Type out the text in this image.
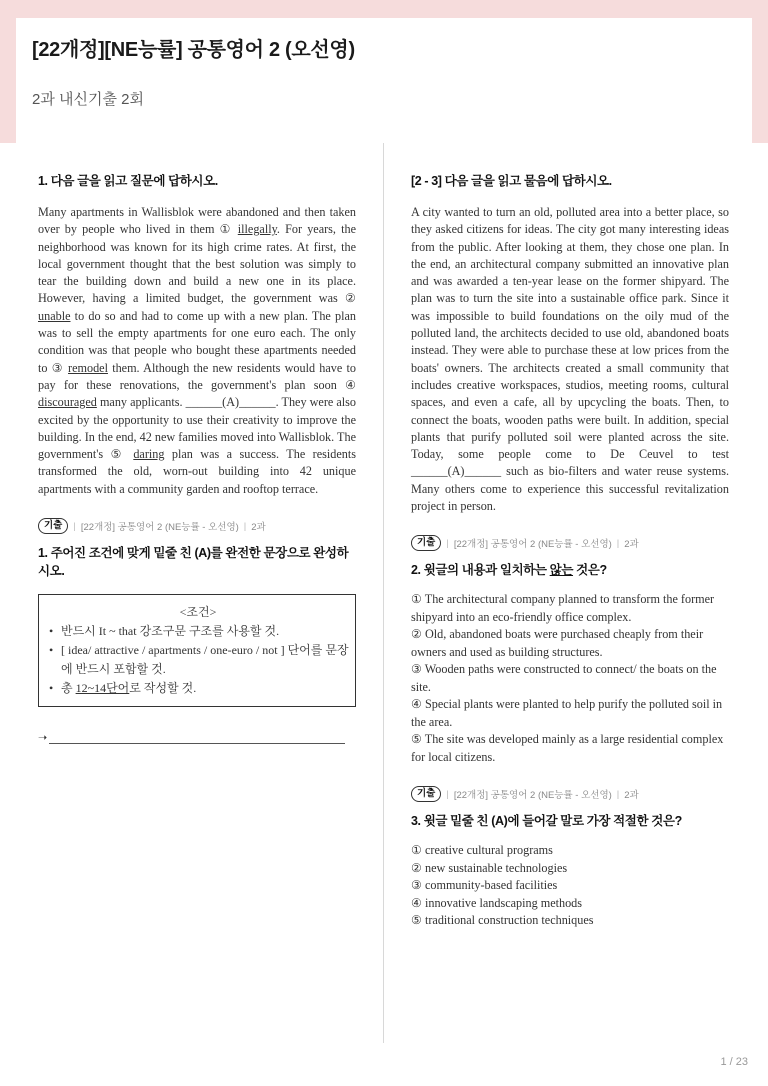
[22개정][NE능률] 공통영어 2 (오선영)
2과 내신기출 2회
1. 다음 글을 읽고 질문에 답하시오.
Many apartments in Wallisblok were abandoned and then taken over by people who lived in them ① illegally. For years, the neighborhood was known for its high crime rates. At first, the local government thought that the best solution was simply to tear the building down and build a new one in its place. However, having a limited budget, the government was ② unable to do so and had to come up with a new plan. The plan was to sell the empty apartments for one euro each. The only condition was that people who bought these apartments needed to ③ remodel them. Although the new residents would have to pay for these renovations, the government's plan soon ④ discouraged many applicants. ______(A)______. They were also excited by the opportunity to use their creativity to improve the building. In the end, 42 new families moved into Wallisblok. The government's ⑤ daring plan was a success. The residents transformed the old, worn-out building into 42 unique apartments with a community garden and rooftop terrace.
기출	| [22개정] 공통영어 2 (NE능률 - 오선영) | 2과
1. 주어진 조건에 맞게 밑줄 친 (A)를 완전한 문장으로 완성하시오.
<조건>
• 반드시 It ~ that 강조구문 구조를 사용할 것.
• [ idea/ attractive / apartments / one-euro / not ] 단어를 문장에 반드시 포함할 것.
• 총 12~14단어로 작성할 것.
➝
[2 - 3] 다음 글을 읽고 물음에 답하시오.
A city wanted to turn an old, polluted area into a better place, so they asked citizens for ideas. The city got many interesting ideas from the public. After looking at them, they chose one plan. In the end, an architectural company submitted an innovative plan and was awarded a ten-year lease on the former shipyard. The plan was to turn the site into a sustainable office park. Since it was impossible to build foundations on the oily mud of the polluted land, the architects decided to use old, abandoned boats instead. They were able to purchase these at low prices from the boats' owners. The architects created a small community that includes creative workspaces, studios, meeting rooms, cultural spaces, and even a cafe, all by upcycling the boats. Then, to connect the boats, wooden paths were built. In addition, special plants that purify polluted soil were planted across the site. Today, some people come to De Ceuvel to test ______(A)______ such as bio-filters and water reuse systems. Many others come to experience this successful revitalization project in person.
기출	| [22개정] 공통영어 2 (NE능률 - 오선영) | 2과
2. 윗글의 내용과 일치하는 않는 것은?
① The architectural company planned to transform the former shipyard into an eco-friendly office complex.
② Old, abandoned boats were purchased cheaply from their owners and used as building structures.
③ Wooden paths were constructed to connect/ the boats on the site.
④ Special plants were planted to help purify the polluted soil in the area.
⑤ The site was developed mainly as a large residential complex for local citizens.
기출	| [22개정] 공통영어 2 (NE능률 - 오선영) | 2과
3. 윗글 밑줄 친 (A)에 들어갈 말로 가장 적절한 것은?
① creative cultural programs
② new sustainable technologies
③ community-based facilities
④ innovative landscaping methods
⑤ traditional construction techniques
1 / 23
